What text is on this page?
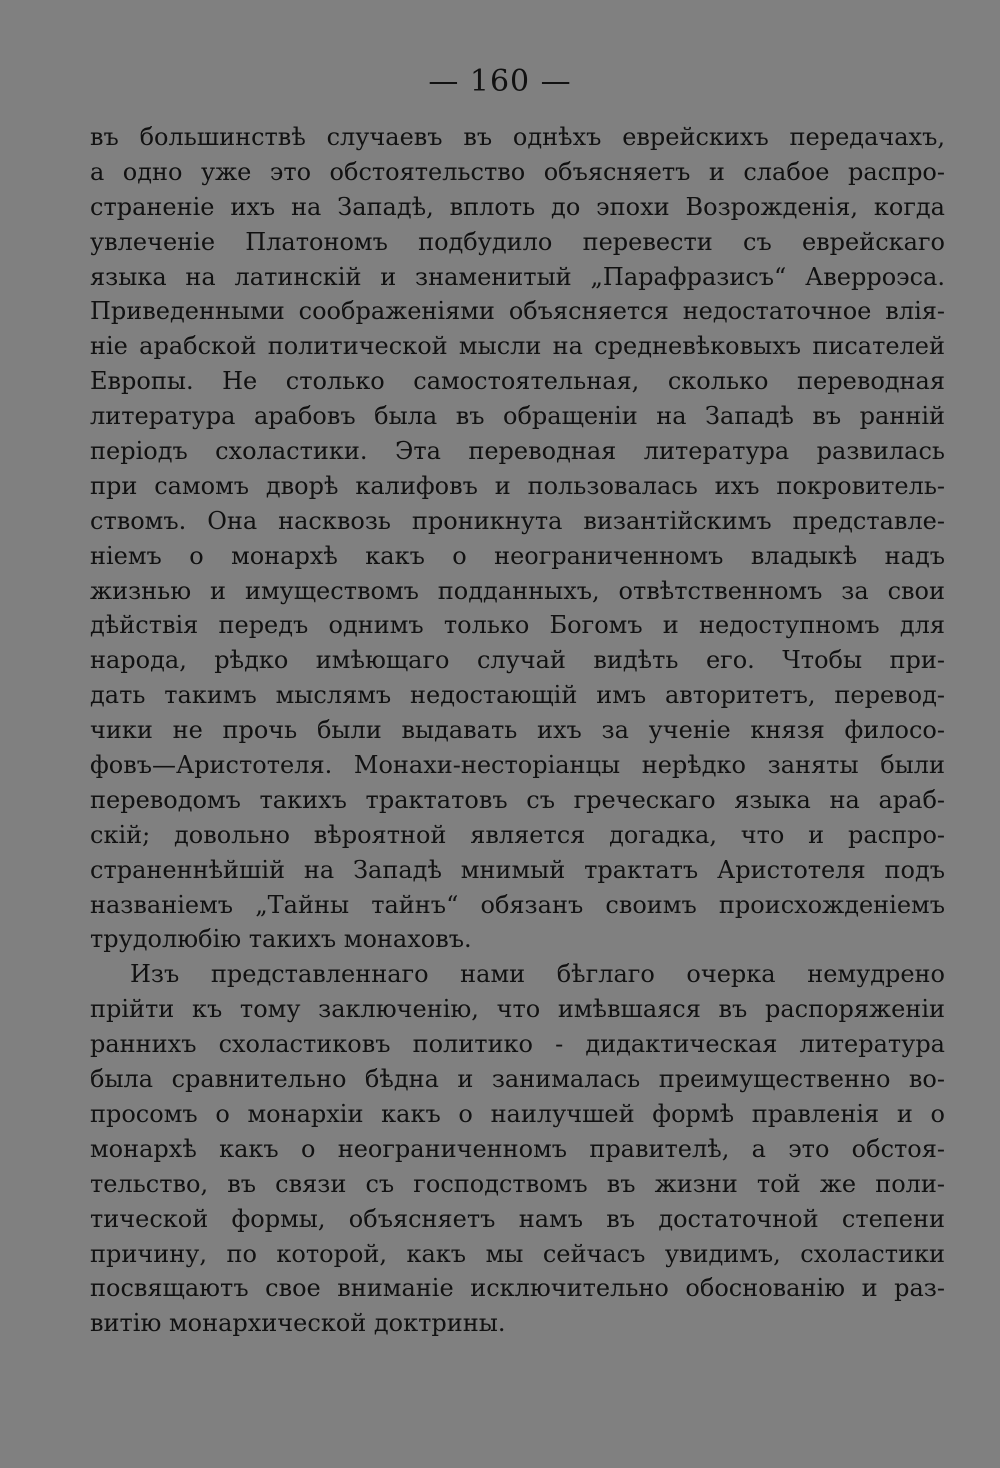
— 160 —
въ большинствѣ случаевъ въ однѣхъ еврейскихъ передачахъ,
а одно уже это обстоятельство объясняетъ и слабое распро-
страненіе ихъ на Западѣ, вплоть до эпохи Возрожденія, когда
увлеченіе Платономъ подбудило перевести съ еврейскаго
языка на латинскій и знаменитый „Парафразисъ“ Аверроэса.
Приведенными соображеніями объясняется недостаточное влія-
ніе арабской политической мысли на средневѣковыхъ писателей
Европы. Не столько самостоятельная, сколько переводная
литература арабовъ была въ обращеніи на Западѣ въ ранній
періодъ схоластики. Эта переводная литература развилась
при самомъ дворѣ калифовъ и пользовалась ихъ покровитель-
ствомъ. Она насквозь проникнута византійскимъ представле-
ніемъ о монархѣ какъ о неограниченномъ владыкѣ надъ
жизнью и имуществомъ подданныхъ, отвѣтственномъ за свои
дѣйствія передъ однимъ только Богомъ и недоступномъ для
народа, рѣдко имѣющаго случай видѣть его. Чтобы при-
дать такимъ мыслямъ недостающій имъ авторитетъ, перевод-
чики не прочь были выдавать ихъ за ученіе князя филосо-
фовъ—Аристотеля. Монахи-несторіанцы нерѣдко заняты были
переводомъ такихъ трактатовъ съ греческаго языка на араб-
скій; довольно вѣроятной является догадка, что и распро-
страненнѣйшій на Западѣ мнимый трактатъ Аристотеля подъ
названіемъ „Тайны тайнъ“ обязанъ своимъ происхожденіемъ
трудолюбію такихъ монаховъ.
Изъ представленнаго нами бѣглаго очерка немудрено
прійти къ тому заключенію, что имѣвшаяся въ распоряженіи
раннихъ схоластиковъ политико - дидактическая литература
была сравнительно бѣдна и занималась преимущественно во-
просомъ о монархіи какъ о наилучшей формѣ правленія и о
монархѣ какъ о неограниченномъ правителѣ, а это обстоя-
тельство, въ связи съ господствомъ въ жизни той же поли-
тической формы, объясняетъ намъ въ достаточной степени
причину, по которой, какъ мы сейчасъ увидимъ, схоластики
посвящаютъ свое вниманіе исключительно обоснованію и раз-
витію монархической доктрины.
